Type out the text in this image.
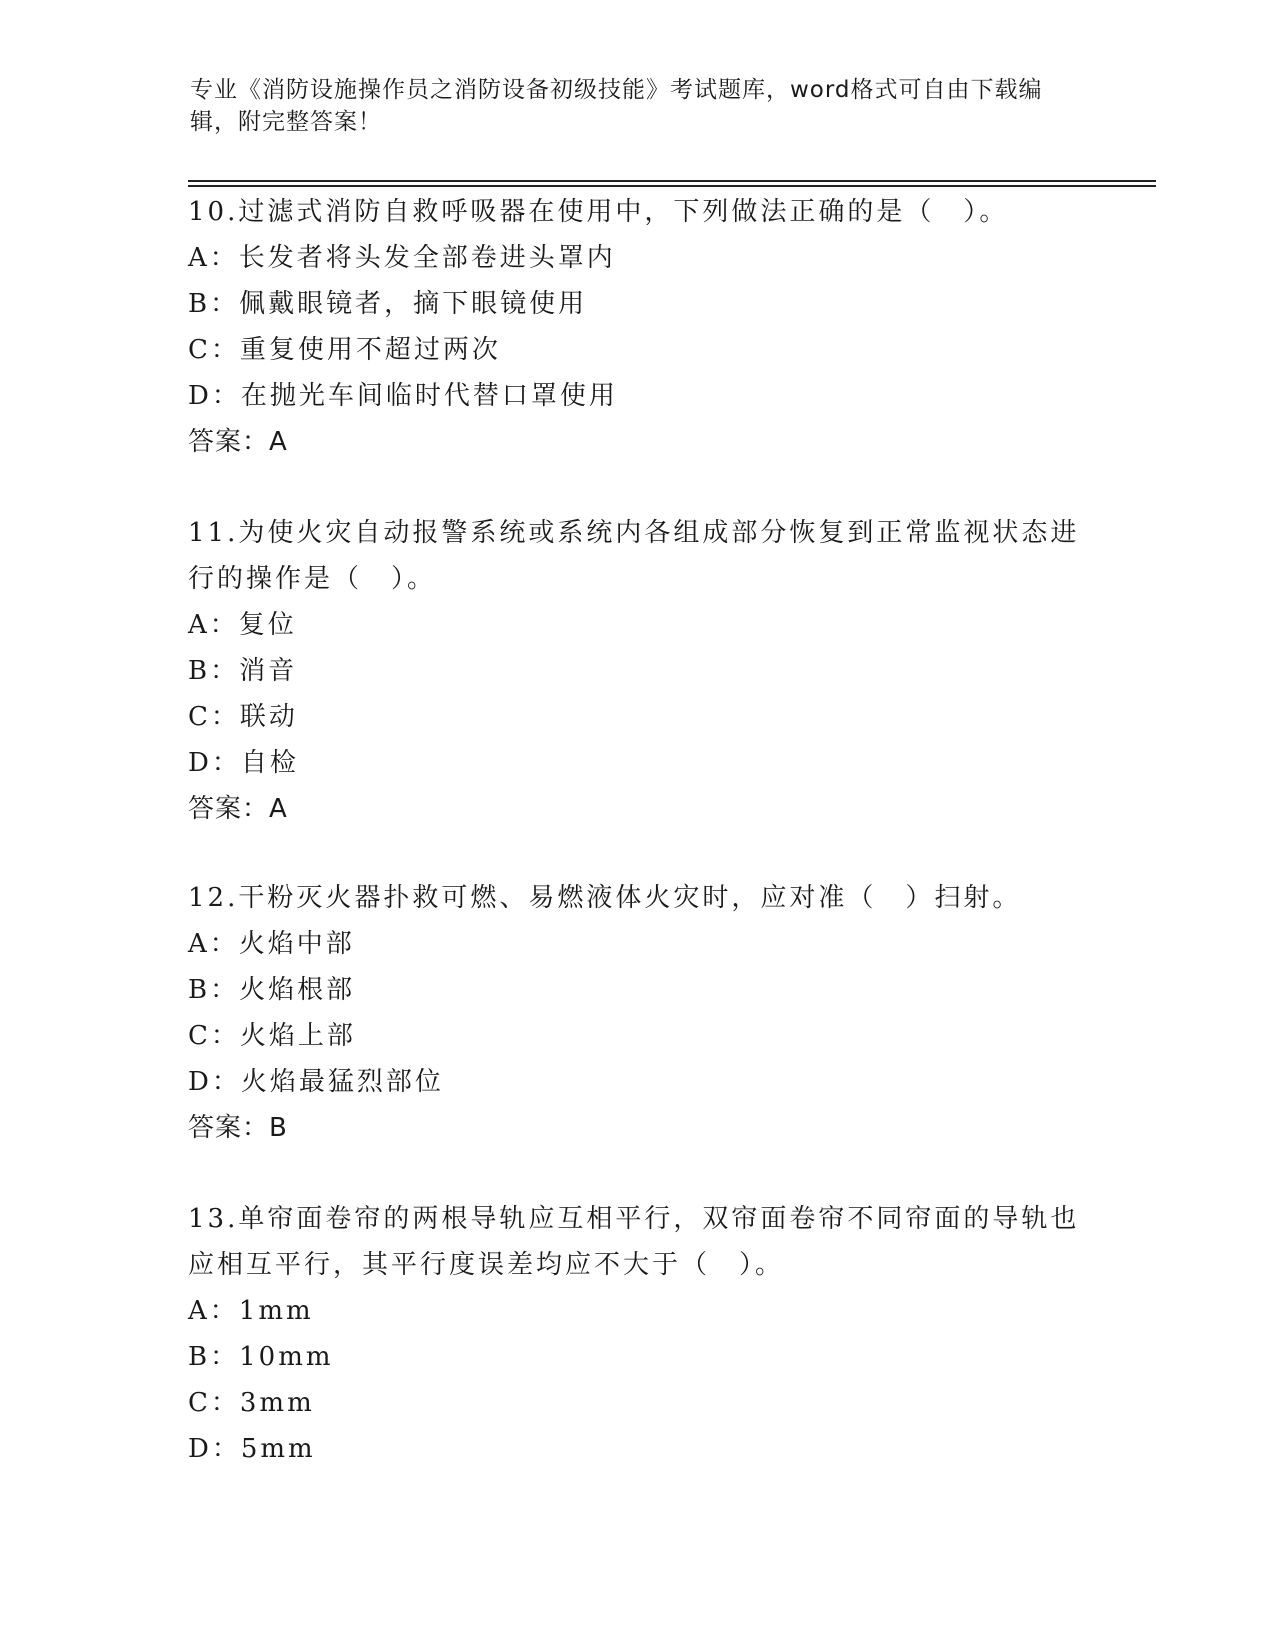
专业《消防设施操作员之消防设备初级技能》考试题库，word格式可自由下载编辑，附完整答案！

10.过滤式消防自救呼吸器在使用中，下列做法正确的是（　）。

A：长发者将头发全部卷进头罩内

B：佩戴眼镜者，摘下眼镜使用

C：重复使用不超过两次

D：在抛光车间临时代替口罩使用

答案：A

11.为使火灾自动报警系统或系统内各组成部分恢复到正常监视状态进行的操作是（　）。

A：复位

B：消音

C：联动

D：自检

答案：A

12.干粉灭火器扑救可燃、易燃液体火灾时，应对准（　）扫射。

A：火焰中部

B：火焰根部

C：火焰上部

D：火焰最猛烈部位

答案：B

13.单帘面卷帘的两根导轨应互相平行，双帘面卷帘不同帘面的导轨也应相互平行，其平行度误差均应不大于（　）。

A：1mm

B：10mm

C：3mm

D：5mm
